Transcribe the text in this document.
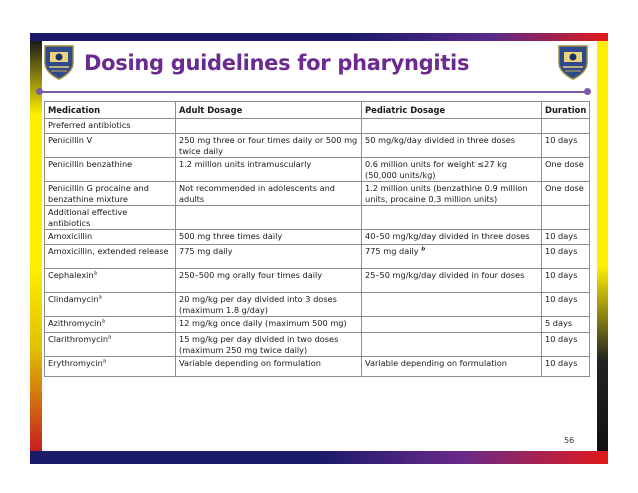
Dosing guidelines for pharyngitis
Medication	Adult Dosage	Pediatric Dosage	Duration
Preferred antibiotics			
Penicillin V	250 mg three or four times daily or 500 mg twice daily	50 mg/kg/day divided in three doses	10 days
Penicillin benzathine	1.2 million units intramuscularly	0.6 million units for weight ≤27 kg (50,000 units/kg)	One dose
Penicillin G procaine and benzathine mixture	Not recommended in adolescents and adults	1.2 million units (benzathine 0.9 million units, procaine 0.3 million units)	One dose
Additional effective antibiotics			
Amoxicillin	500 mg three times daily	40–50 mg/kg/day divided in three doses	10 days
Amoxicillin, extended release	775 mg daily	775 mg daily $^b$	10 days
Cephalexin$^a$	250–500 mg orally four times daily	25–50 mg/kg/day divided in four doses	10 days
Clindamycin$^a$	20 mg/kg per day divided into 3 doses (maximum 1.8 g/day)		10 days
Azithromycin$^a$	12 mg/kg once daily (maximum 500 mg)		5 days
Clarithromycin$^a$	15 mg/kg per day divided in two doses (maximum 250 mg twice daily)		10 days
Erythromycin$^a$	Variable depending on formulation	Variable depending on formulation	10 days
56
